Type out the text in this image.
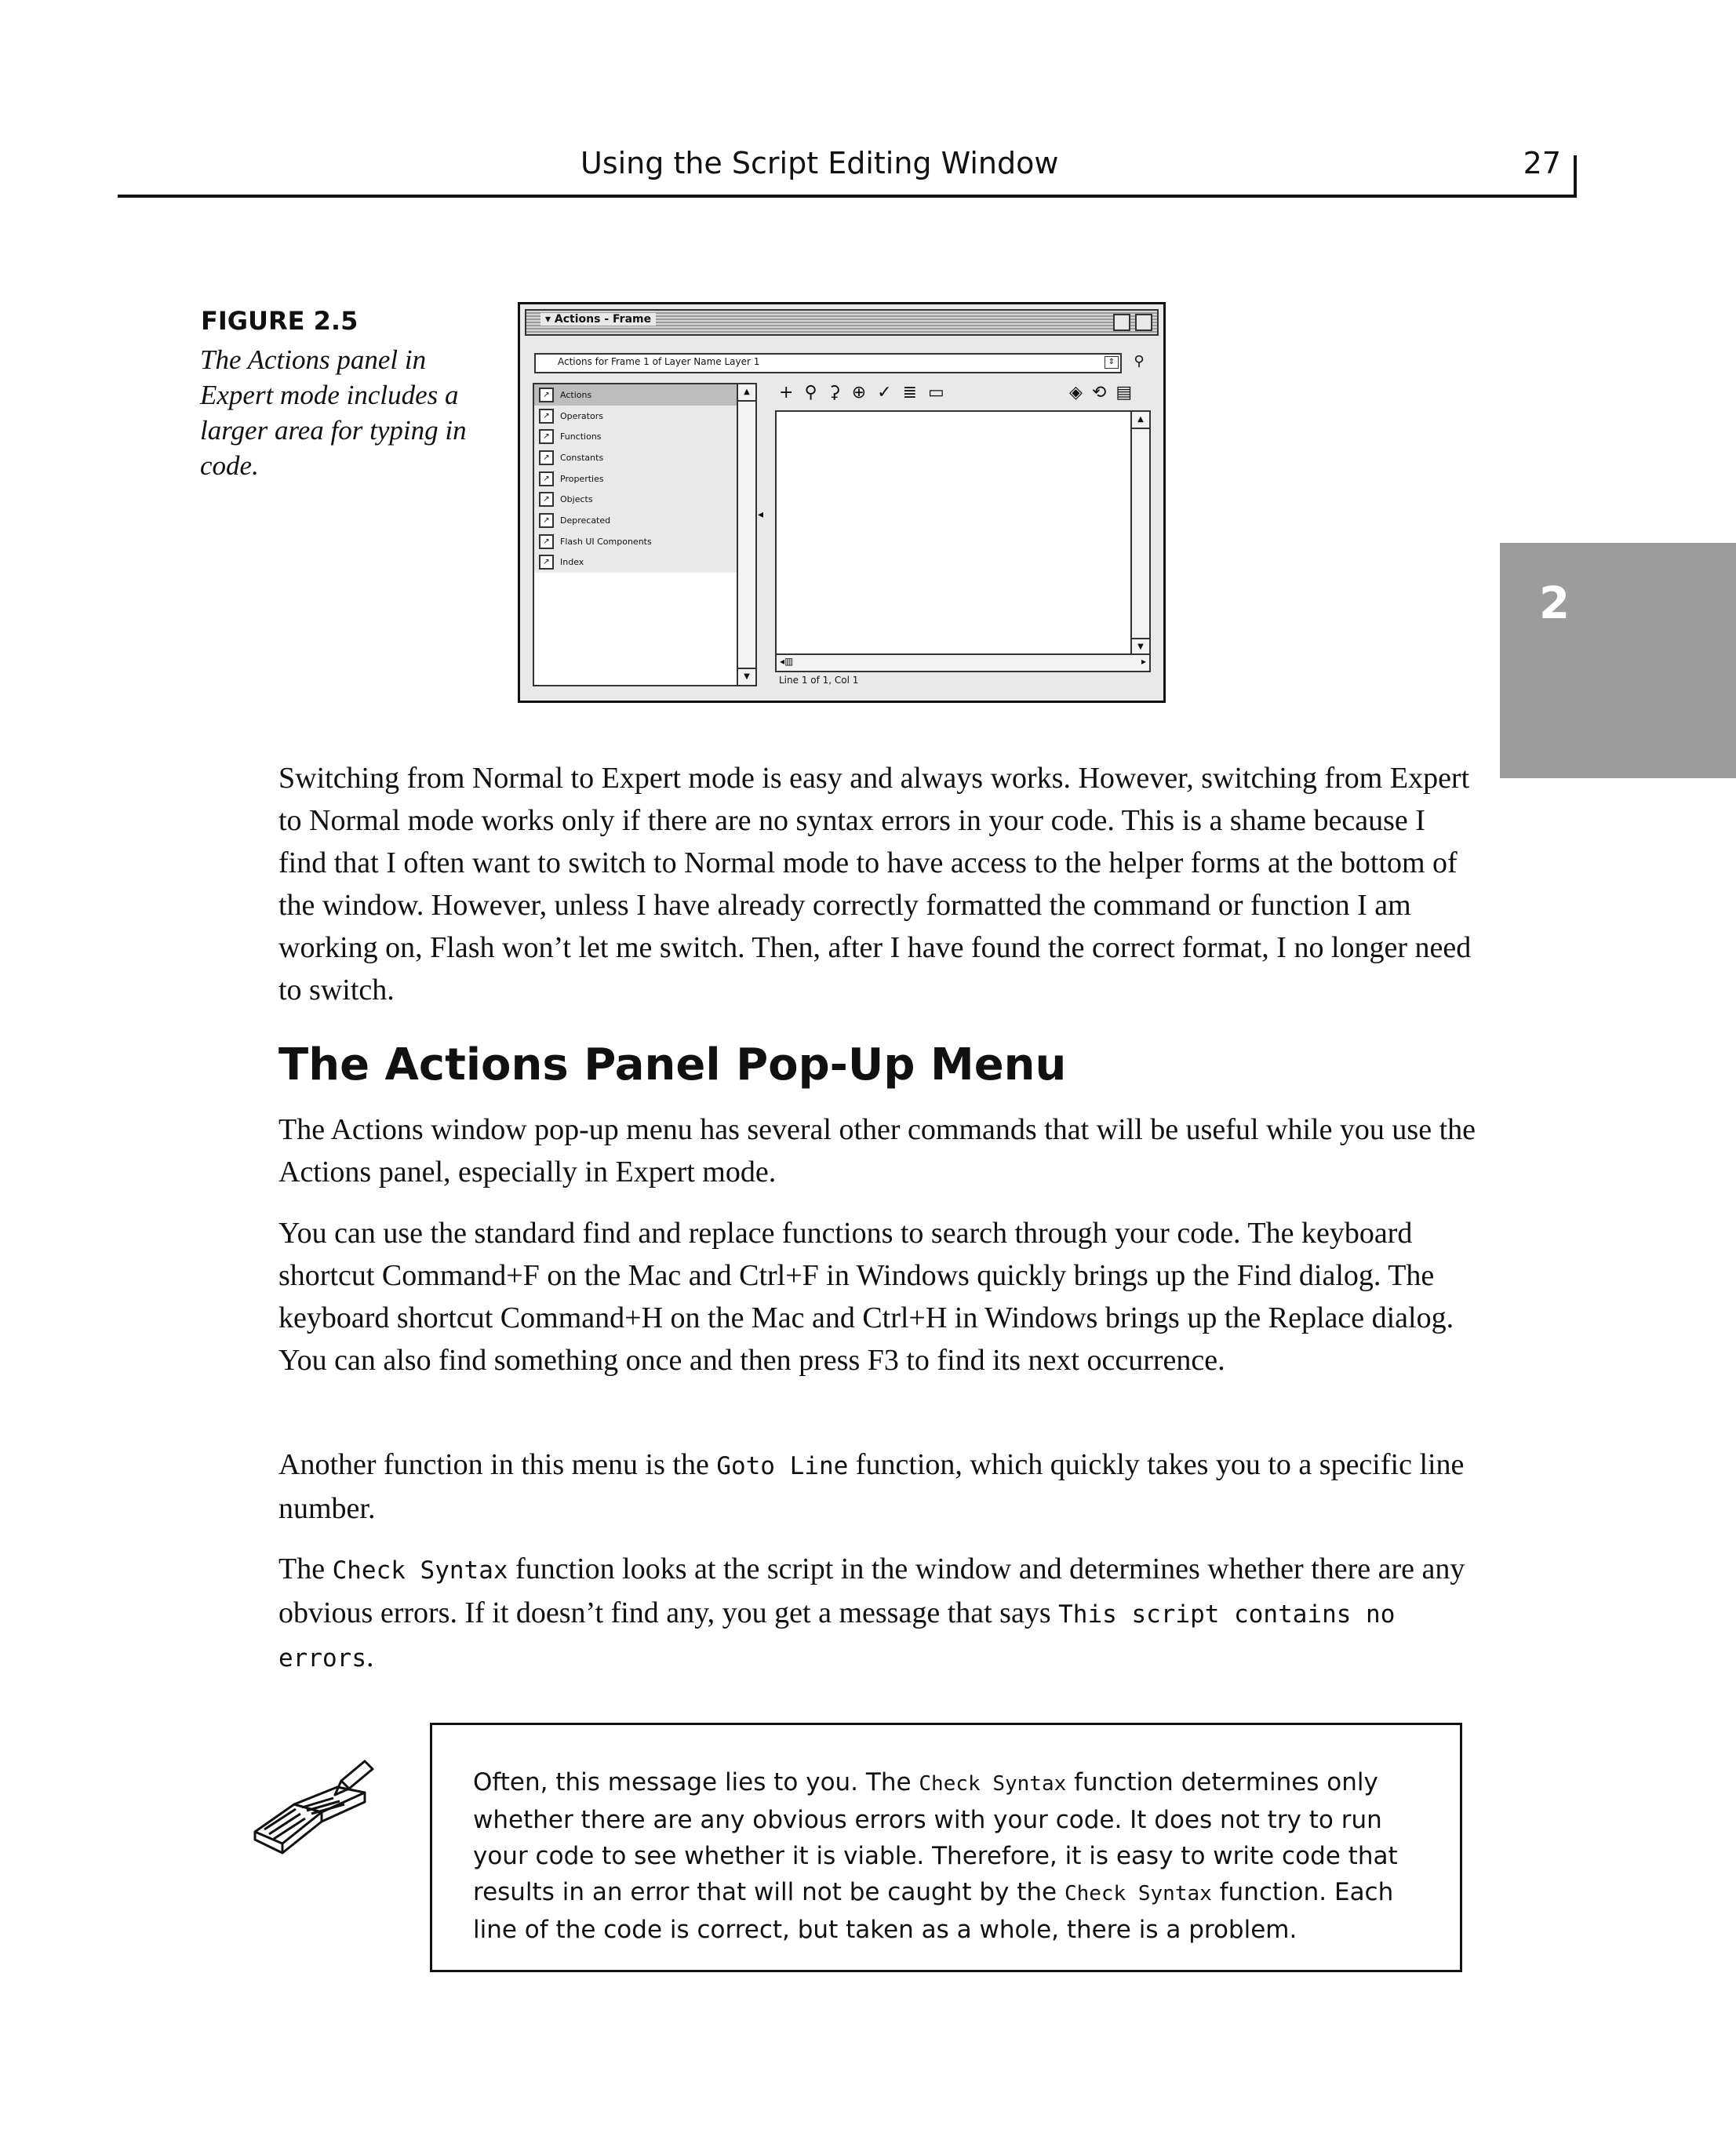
Using the Script Editing Window	27
2
FIGURE 2.5
The Actions panel in Expert mode includes a larger area for typing in code.
▾ Actions - Frame
Actions for Frame 1 of Layer Name Layer 1	⇕ ⚲
↗	Actions
↗	Operators
↗	Functions
↗	Constants
↗	Properties
↗	Objects
↗	Deprecated
↗	Flash UI Components
↗	Index
▲
▼
◂
+ ⚲ ⚳ ⊕ ✓ ≣ ▭	◈ ⟲ ▤
▲
▼
◂▥	▸
Line 1 of 1, Col 1

Switching from Normal to Expert mode is easy and always works. However, switching from Expert to Normal mode works only if there are no syntax errors in your code. This is a shame because I find that I often want to switch to Normal mode to have access to the helper forms at the bottom of the window. However, unless I have already correctly formatted the command or function I am working on, Flash won’t let me switch. Then, after I have found the correct format, I no longer need to switch.

The Actions Panel Pop-Up Menu

The Actions window pop-up menu has several other commands that will be useful while you use the Actions panel, especially in Expert mode.

You can use the standard find and replace functions to search through your code. The keyboard shortcut Command+F on the Mac and Ctrl+F in Windows quickly brings up the Find dialog. The keyboard shortcut Command+H on the Mac and Ctrl+H in Windows brings up the Replace dialog. You can also find something once and then press F3 to find its next occurrence.

Another function in this menu is the Goto Line function, which quickly takes you to a specific line number.

The Check Syntax function looks at the script in the window and determines whether there are any obvious errors. If it doesn’t find any, you get a message that says This script contains no errors.

Often, this message lies to you. The Check Syntax function determines only whether there are any obvious errors with your code. It does not try to run your code to see whether it is viable. Therefore, it is easy to write code that results in an error that will not be caught by the Check Syntax function. Each line of the code is correct, but taken as a whole, there is a problem.
